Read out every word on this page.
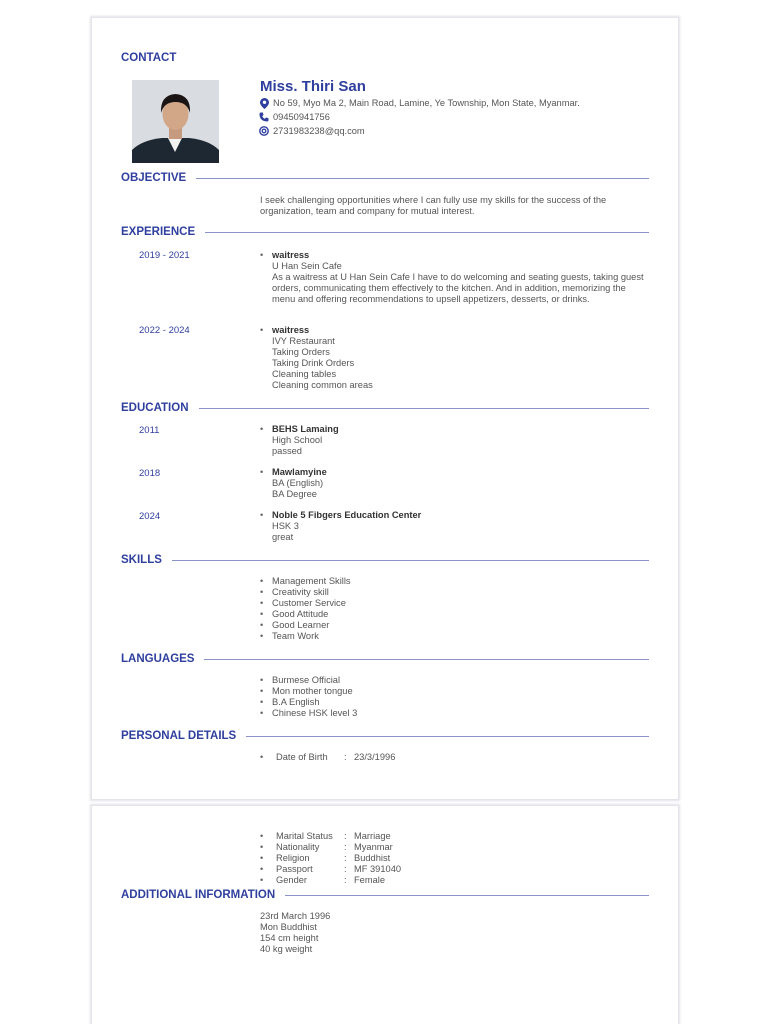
CONTACT
Miss. Thiri San
No 59, Myo Ma 2, Main Road, Lamine, Ye Township, Mon State, Myanmar.
09450941756
2731983238@qq.com
OBJECTIVE
I seek challenging opportunities where I can fully use my skills for the success of the organization, team and company for mutual interest.
EXPERIENCE
2019 - 2021	• waitress
U Han Sein Cafe
As a waitress at U Han Sein Cafe I have to do welcoming and seating guests, taking guest orders, communicating them effectively to the kitchen. And in addition, memorizing the menu and offering recommendations to upsell appetizers, desserts, or drinks.
2022 - 2024	• waitress
IVY Restaurant
Taking Orders
Taking Drink Orders
Cleaning tables
Cleaning common areas
EDUCATION
2011	• BEHS Lamaing
High School
passed
2018	• Mawlamyine
BA (English)
BA Degree
2024	• Noble 5 Fibgers Education Center
HSK 3
great
SKILLS
• Management Skills
• Creativity skill
• Customer Service
• Good Attitude
• Good Learner
• Team Work
LANGUAGES
• Burmese Official
• Mon mother tongue
• B.A English
• Chinese HSK level 3
PERSONAL DETAILS
• Date of Birth	: 23/3/1996
• Marital Status	: Marriage
• Nationality	: Myanmar
• Religion	: Buddhist
• Passport	: MF 391040
• Gender	: Female
ADDITIONAL INFORMATION
23rd March 1996
Mon Buddhist
154 cm height
40 kg weight
